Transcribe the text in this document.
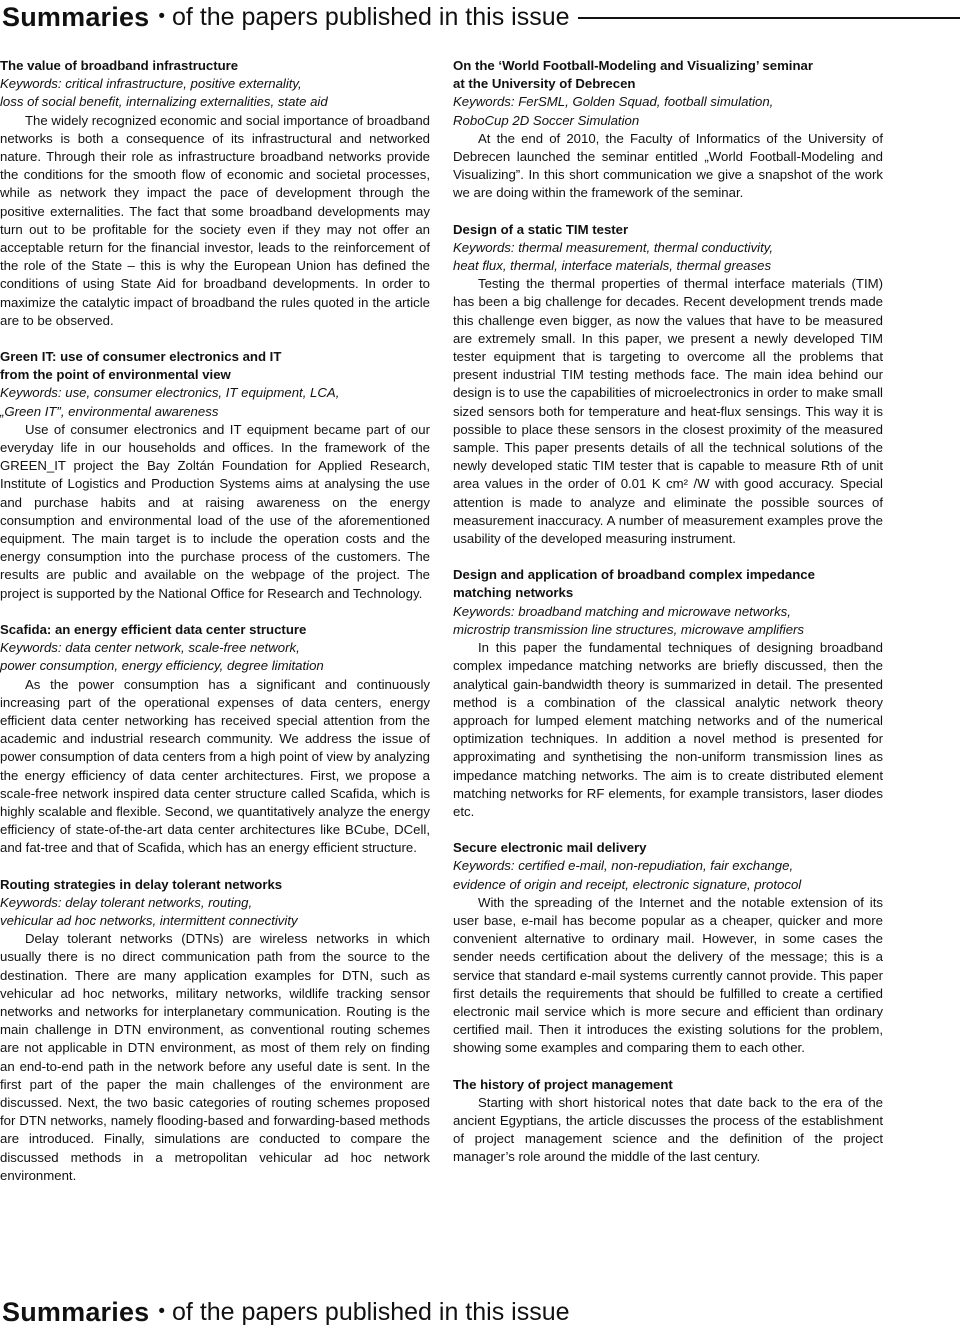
Summaries • of the papers published in this issue
The value of broadband infrastructure
Keywords: critical infrastructure, positive externality,
loss of social benefit, internalizing externalities, state aid

The widely recognized economic and social importance of broadband networks is both a consequence of its infrastructural and networked nature. Through their role as infrastructure broadband networks provide the conditions for the smooth flow of economic and societal processes, while as network they impact the pace of development through the positive externalities. The fact that some broadband developments may turn out to be profitable for the society even if they may not offer an acceptable return for the financial investor, leads to the reinforcement of the role of the State – this is why the European Union has defined the conditions of using State Aid for broadband developments. In order to maximize the catalytic impact of broadband the rules quoted in the article are to be observed.

Green IT: use of consumer electronics and IT
from the point of environmental view
Keywords: use, consumer electronics, IT equipment, LCA,
„Green IT”, environmental awareness

Use of consumer electronics and IT equipment became part of our everyday life in our households and offices. In the framework of the GREEN_IT project the Bay Zoltán Foundation for Applied Research, Institute of Logistics and Production Systems aims at analysing the use and purchase habits and at raising awareness on the energy consumption and environmental load of the use of the aforementioned equipment. The main target is to include the operation costs and the energy consumption into the purchase process of the customers. The results are public and available on the webpage of the project. The project is supported by the National Office for Research and Technology.

Scafida: an energy efficient data center structure
Keywords: data center network, scale-free network,
power consumption, energy efficiency, degree limitation

As the power consumption has a significant and continuously increasing part of the operational expenses of data centers, energy efficient data center networking has received special attention from the academic and industrial research community. We address the issue of power consumption of data centers from a high point of view by analyzing the energy efficiency of data center architectures. First, we propose a scale-free network inspired data center structure called Scafida, which is highly scalable and flexible. Second, we quantitatively analyze the energy efficiency of state-of-the-art data center architectures like BCube, DCell, and fat-tree and that of Scafida, which has an energy efficient structure.

Routing strategies in delay tolerant networks
Keywords: delay tolerant networks, routing,
vehicular ad hoc networks, intermittent connectivity

Delay tolerant networks (DTNs) are wireless networks in which usually there is no direct communication path from the source to the destination. There are many application examples for DTN, such as vehicular ad hoc networks, military networks, wildlife tracking sensor networks and networks for interplanetary communication. Routing is the main challenge in DTN environment, as conventional routing schemes are not applicable in DTN environment, as most of them rely on finding an end-to-end path in the network before any useful date is sent. In the first part of the paper the main challenges of the environment are discussed. Next, the two basic categories of routing schemes proposed for DTN networks, namely flooding-based and forwarding-based methods are introduced. Finally, simulations are conducted to compare the discussed methods in a metropolitan vehicular ad hoc network environment.

On the ‘World Football-Modeling and Visualizing’ seminar
at the University of Debrecen
Keywords: FerSML, Golden Squad, football simulation,
RoboCup 2D Soccer Simulation

At the end of 2010, the Faculty of Informatics of the University of Debrecen launched the seminar entitled „World Football-Modeling and Visualizing”. In this short communication we give a snapshot of the work we are doing within the framework of the seminar.

Design of a static TIM tester
Keywords: thermal measurement, thermal conductivity,
heat flux, thermal, interface materials, thermal greases

Testing the thermal properties of thermal interface materials (TIM) has been a big challenge for decades. Recent development trends made this challenge even bigger, as now the values that have to be measured are extremely small. In this paper, we present a newly developed TIM tester equipment that is targeting to overcome all the problems that present industrial TIM testing methods face. The main idea behind our design is to use the capabilities of microelectronics in order to make small sized sensors both for temperature and heat-flux sensings. This way it is possible to place these sensors in the closest proximity of the measured sample. This paper presents details of all the technical solutions of the newly developed static TIM tester that is capable to measure Rth of unit area values in the order of 0.01 K cm² /W with good accuracy. Special attention is made to analyze and eliminate the possible sources of measurement inaccuracy. A number of measurement examples prove the usability of the developed measuring instrument.

Design and application of broadband complex impedance
matching networks
Keywords: broadband matching and microwave networks,
microstrip transmission line structures, microwave amplifiers

In this paper the fundamental techniques of designing broadband complex impedance matching networks are briefly discussed, then the analytical gain-bandwidth theory is summarized in detail. The presented method is a combination of the classical analytic network theory approach for lumped element matching networks and of the numerical optimization techniques. In addition a novel method is presented for approximating and synthetising the non-uniform transmission lines as impedance matching networks. The aim is to create distributed element matching networks for RF elements, for example transistors, laser diodes etc.

Secure electronic mail delivery
Keywords: certified e-mail, non-repudiation, fair exchange,
evidence of origin and receipt, electronic signature, protocol

With the spreading of the Internet and the notable extension of its user base, e-mail has become popular as a cheaper, quicker and more convenient alternative to ordinary mail. However, in some cases the sender needs certification about the delivery of the message; this is a service that standard e-mail systems currently cannot provide. This paper first details the requirements that should be fulfilled to create a certified electronic mail service which is more secure and efficient than ordinary certified mail. Then it introduces the existing solutions for the problem, showing some examples and comparing them to each other.

The history of project management

Starting with short historical notes that date back to the era of the ancient Egyptians, the article discusses the process of the establishment of project management science and the definition of the project manager’s role around the middle of the last century.

Summaries • of the papers published in this issue
